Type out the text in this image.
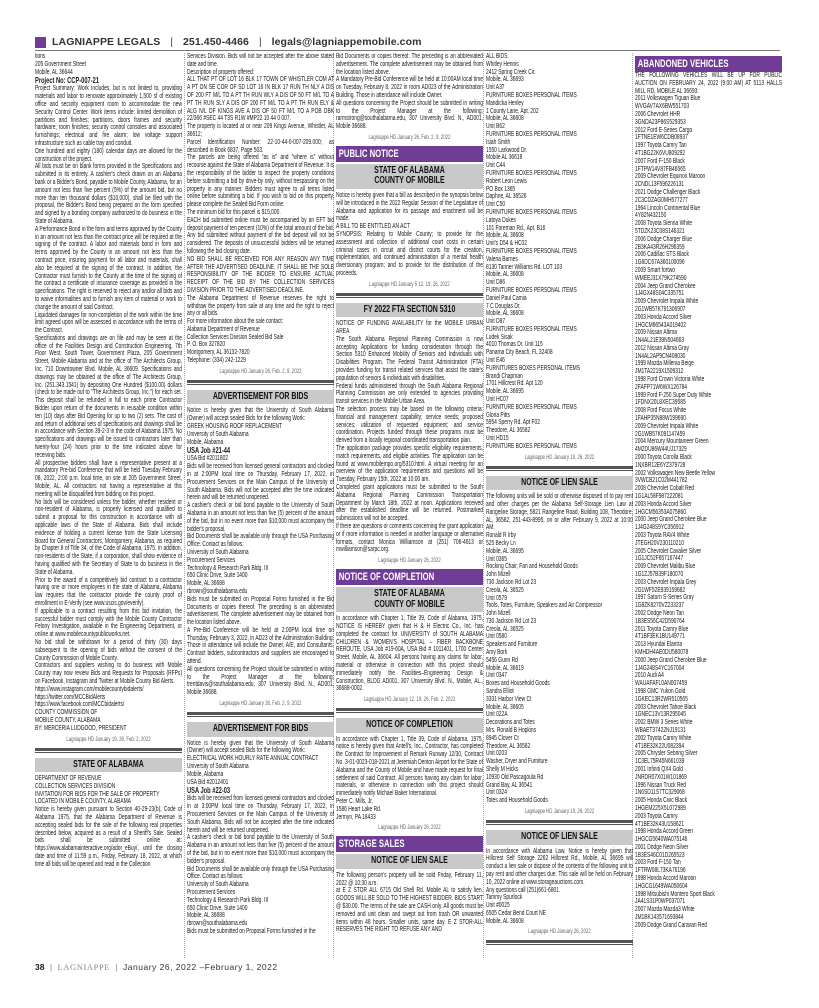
LAGNIAPPE LEGALS | 251.450-4466 | legals@lagniappemobile.com
tions
205 Government Street
Mobile, AL 36644
Project No: CCP-007-21

Project Summary: Work includes, but is not limited to, providing materials and labor to renovate approximately 1,500 sf of existing office and security equipment room to accommodate the new Security Control Center. Work items include: limited demolition of partitions and finishes; partitions, doors frames and security hardware; room finishes; security control consoles and associated furnishings; electrical and fire alarm; low voltage support infrastructure such as cable tray and conduit.

One hundred and eighty (180) calendar days are allowed for the construction of the project.

All bids must be on blank forms provided in the Specifications and submitted in its entirety. A cashier's check drawn on an Alabama bank or a Bidder's Bond, payable to Mobile County, Alabama, for an amount not less than five percent (5%) of the amount bid, but no more than ten thousand dollars ($10,000), shall be filed with the proposal, the Bidder's Bond being prepared on the form specified and signed by a bonding company authorized to do business in the State of Alabama.

A Performance Bond in the form and terms approved by the County in an amount not less than the contract price will be required at the signing of the contract. A labor and materials bond in form and terms approved by the County in an amount not less than the contract price, insuring payment for all labor and materials, shall also be required at the signing of the contract. In addition, the Contractor must furnish to the County at the time of the signing of the contract a certificate of insurance coverage as provided in the specifications. The right is reserved to reject any and/or all bids and to waive informalities and to furnish any item of material or work to change the amount of said Contract.

Liquidated damages for non-completion of the work within the time limit agreed upon will be assessed in accordance with the terms of the Contract.

Specifications and drawings are on file and may be seen at the office of the Facilities Design and Construction Engineering, 7th Floor West, South Tower, Government Plaza, 205 Government Street, Mobile Alabama and at the office of The Architects Group, Inc. 710 Downtowner Blvd. Mobile, AL 36609. Specifications and drawings may be obtained at the office of The Architects Group, Inc. (251.343.1541) by depositing One Hundred ($100.00) dollars (check to be made out to "The Architects Group, Inc.") for each set. This deposit shall be refunded in full to each prime Contractor Bidder upon return of the documents in reusable condition within ten (10) days after Bid Opening for up to two (2) sets. The cost of and return of additional sets of specifications and drawings shall be in accordance with Section 39-2-3 in the code of Alabama 1975. No specifications and drawings will be issued to contractors later than twenty-four (24) hours prior to the time indicated above for receiving bids.

All prospective bidders shall have a representative present at a mandatory Pre-bid Conference that will be held Tuesday February 08, 2022, 2:00 p.m. local time, on site at 205 Government Street, Mobile, AL. All contractors not having a representative at this meeting will be disqualified from bidding on this project.

No bids will be considered unless the bidder, whether resident or non-resident of Alabama, is properly licensed and qualified to submit a proposal for this construction in accordance with all applicable laws of the State of Alabama. Bids shall include evidence of holding a current license from the State Licensing Board for General Contractors, Montgomery, Alabama, as required by Chapter 8 of Title 34, of the Code of Alabama, 1975. In addition, non-residents of the State, if a corporation, shall show evidence of having qualified with the Secretary of State to do business in the State of Alabama.

Prior to the award of a competitively bid contract to a contractor having one or more employees in the state of Alabama, Alabama law requires that the contractor provide the county proof of enrollment in E-Verify (see www.uscis.gov/everify).

If applicable to a contract resulting from this bid invitation, the successful bidder must comply with the Mobile County Contractor Felony Investigation, available in the Engineering Department, or online at www.mobilecountypublicworks.net.

No bid shall be withdrawn for a period of thirty (30) days subsequent to the opening of bids without the consent of the County Commission of Mobile County.

Contractors and suppliers wishing to do business with Mobile County may now review Bids and Requests for Proposals (RFPs) on Facebook, Instagram and Twitter at Mobile County Bid Alerts.

https://www.instagram.com/mobilecountybidalerts/
https://twitter.com/MCCBidAlerts
https://www.facebook.com/MCCbidalerts/
COUNTY COMMISSION OF
MOBILE COUNTY, ALABAMA
BY: MERCERIA LUDGOOD, PRESIDENT
Lagniappe HD January 19, 26, Feb. 2, 2022
STATE OF ALABAMA
DEPARTMENT OF REVENUE
COLLECTION SERVICES DIVISION
INVITATION FOR BIDS FOR THE SALE OF PROPERTY
LOCATED IN MOBILE COUNTY, ALABAMA

Notice is hereby given pursuant to Section 40-29-23(b), Code of Alabama 1975, that the Alabama Department of Revenue is accepting sealed bids for the sale of the following real properties described below, acquired as a result of a Sheriff's Sale. Sealed bids shall be submitted online at: https://www.alabamainteractive.org/ador_eBuy/, until the closing date and time of 11:59 p.m., Friday, February 18, 2022, at which time all bids will be opened and read in the Collection

Services Division. Bids will not be accepted after the above stated date and time.

Description of property offered:

ALL THAT PT OF LOT 16 BLK 17 TOWN OF WHISTLER COM AT A PT ON SE COR OF SD LOT 16 IN BLK 17 RUN TH NLY A DIS OF 200 FT M/L TO A PT TH RUN WLY A DIS OF 50 FT M/L TO A PT TH RUN SLY A DIS OF 200 FT M/L TO A PT TH RUN ELY & ALG N/L OF KINGS AVE A DIS OF 50 FT M/L TO A POB DBK 22/366 #SEC 44 T3S R1W #MP22 10 44 0 007.

The property is located at or near 209 Kings Avenue, Whistler, AL 36612;

Parcel Identification Number: 22-10-44-0-007-209.000; as described in Book 6837, Page 503.

The parcels are being offered “as is” and “where is” without recourse against the State of Alabama Department of Revenue. It is the responsibility of the bidder to inspect the property conditions before submitting a bid by drive-by only, without trespassing on the property in any manner. Bidders must agree to all terms listed online before submitting a bid. If you wish to bid on this property, please complete the Sealed Bid Form online.

The minimum bid for this parcel is $15,000.

EACH bid submitted online must be accompanied by an EFT bid deposit payment of ten percent (10%) of the total amount of the bid. Any bid submitted without payment of the bid deposit will not be considered. The deposits of unsuccessful bidders will be returned following the bid closing date.

NO BID SHALL BE RECEIVED FOR ANY REASON ANY TIME AFTER THE ADVERTISED DEADLINE. IT SHALL BE THE SOLE RESPONSIBILITY OF THE BIDDER TO ENSURE ACTUAL RECEIPT OF THE BID BY THE COLLECTION SERVICES DIVISION PRIOR TO THE ADVERTISED DEADLINE.

The Alabama Department of Revenue reserves the right to withdraw the property from sale at any time and the right to reject any or all bids.

For more information about the sale contact:
Alabama Department of Revenue
Collection Services Division Sealed Bid Sale
P. O. Box 327820
Montgomery, AL 36132-7820
Telephone: (334) 242-1229
Lagniappe HD January 26, Feb. 2, 9, 2022
ADVERTISEMENT FOR BIDS

Notice is hereby given that the University of South Alabama (Owner) will accept sealed Bids for the following Work:

GREEK HOUSING ROOF REPLACEMENT
University of South Alabama
Mobile, Alabama
USA Job #21-44
USA Bid #2011802

Bids will be received from licensed general contractors and clocked in at 2:00PM local time on Thursday, February 17, 2022, in Procurement Services on the Main Campus of the University of South Alabama. Bids will not be accepted after the time indicated herein and will be returned unopened.

A cashier's check or bid bond payable to the University of South Alabama in an amount not less than five (5) percent of the amount of the bid, but in no event more than $10,000 must accompany the bidder's proposal.

Bid Documents shall be available only through the USA Purchasing Office. Contact as follows:

University of South Alabama
Procurement Services
Technology & Research Park Bldg. III
650 Clinic Drive, Suite 1400
Mobile, AL 36688
rbrown@southalabama.edu

Bids must be submitted on Proposal Forms furnished in the Bid Documents or copies thereof. The preceding is an abbreviated advertisement. The complete advertisement may be obtained from the location listed above.

A Pre-Bid Conference will be held at 2:00PM local time on Thursday, February 3, 2022, in AD23 of the Administration Building. Those in attendance will include the Owner, A/E, and Consultants. Contract bidders, subcontractors and suppliers are encouraged to attend.

All questions concerning the Project should be submitted in writing to the Project Manager at the following: trentdavis@southalabama.edu, 307 University Blvd. N., AD001, Mobile 36688.

Lagniappe HD January 26, Feb. 2, 9, 2022
ADVERTISEMENT FOR BIDS

Notice is hereby given that the University of South Alabama (Owner) will accept sealed Bids for the following Work:

ELECTRICAL WORK HOURLY RATE ANNUAL CONTRACT
University of South Alabama
Mobile, Alabama
USA Bid #2012401
USA Job #22-03

Bids will be received from licensed general contractors and clocked in at 3:00PM local time on Thursday, February 17, 2022, in Procurement Services on the Main Campus of the University of South Alabama. Bids will not be accepted after the time indicated herein and will be returned unopened.

A cashier's check or bid bond payable to the University of South Alabama in an amount not less than five (5) percent of the amount of the bid, but in no event more than $10,000 must accompany the bidder's proposal.

Bid Documents shall be available only through the USA Purchasing Office. Contact as follows:

University of South Alabama
Procurement Services
Technology & Research Park Bldg. III
650 Clinic Drive, Suite 1400
Mobile, AL 36688
rbrown@southalabama.edu

Bids must be submitted on Proposal Forms furnished in the

Bid Documents or copies thereof. The preceding is an abbreviated advertisement. The complete advertisement may be obtained from the location listed above.

A Mandatory Pre-Bid Conference will be held at 10:00AM local time on Tuesday, February 8, 2022 in room AD023 of the Administration Building. Those in attendance will include Owner.

All questions concerning the Project should be submitted in writing to the Project Manager at the following: rarmstrong@southalabama.edu, 307 University Blvd. N., AD001, Mobile 36688.

Lagniappe HD January 26, Feb. 2, 9, 2022
PUBLIC NOTICE
STATE OF ALABAMA
COUNTY OF MOBILE

Notice is hereby given that a bill as described in the synopsis below will be introduced in the 2022 Regular Session of the Legislature of Alabama and application for its passage and enactment will be made:

A BILL TO BE ENTITLED AN ACT

SYNOPSIS: Relating to Mobile County; to provide for the assessment and collection of additional court costs in certain criminal cases in circuit and district courts for the creation, implementation, and continued administration of a mental health diversionary program; and to provide for the distribution of the proceeds.

Lagniappe HD January 5 12, 19, 26, 2022
FY 2022 FTA SECTION 5310

NOTICE OF FUNDING AVAILABILITY for the MOBILE URBAN AREA

The South Alabama Regional Planning Commission is now accepting Applications for funding consideration through the Section 5310 Enhanced Mobility of Seniors and Individuals with Disabilities Program. The Federal Transit Administration (FTA) provides funding for transit related services that assist the state's population of seniors & individuals with disabilities.

Federal funds administered through the South Alabama Regional Planning Commission are only extended to agencies providing transit services in the Mobile Urban Area.

The selection process may be based on the following criteria: financial and management capability; service needs; proposed services; utilization of requested equipment; and service coordination. Projects funded through these programs must be derived from a locally regional coordinated transportation plan.

The application package provides specific eligibility requirements, match requirements, and eligible activities. The application can be found at www.mobilempo.org/5310.html. A virtual meeting for an overview of the application requirements and questions will be Tuesday, February 15th, 2022 at 10:00 am.

Completed grant applications must be submitted to the South Alabama Regional Planning Commission Transportation Department by March 18th, 2022 at noon. Applications received after the established deadline will be returned. Postmarked submissions will not be accepted.

If there are questions or comments concerning the grant application or if more information is needed in another language or alternative formats, contact Monica Williamson at (251) 706-4613 or mwilliamson@sarpc.org.

Lagniappe HD January 26, 2022
NOTICE OF COMPLETION
STATE OF ALABAMA
COUNTY OF MOBILE

In accordance with Chapter 1, Title 39, Code of Alabama, 1975, NOTICE IS HEREBY given that H & H Electric Co., Inc. has completed the contract for UNIVERSITY of SOUTH ALABAMA CHILDREN & WOMEN'S HOSPITAL – FIBER BACKBONE REROUTE, USA Job #19-60A, USA Bid # 1011401, 1700 Center Street, Mobile, AL 36604. All persons having any claims for labor, material or otherwise in connection with this project should immediately notify the Facilities–Engineering Design & Construction, BLDG AD001, 307 University Blvd. N., Mobile, AL., 36688-0002.

Lagniappe HD January 12, 19, 26, Feb. 2, 2022
NOTICE OF COMPLETION

In accordance with Chapter 1, Title 39, Code of Alabama, 1975, notice is hereby given that Antell's, Inc., Contractor, has completed the Contract for Improvement of Remark Runway 12/30, Contract No. 3-01-0023-018-2021 at Jeremiah Denton Airport for the State of Alabama and the County of Mobile and have made request for final settlement of said Contract. All persons having any claim for labor, materials, or otherwise in connection with this project should immediately notify Michael Baker International.

Peter C. Mills, Jr.
1586 Heart Lake Rd.
Jermyn, PA 18433
Lagniappe HD January 26, 2022
STORAGE SALES
NOTICE OF LIEN SALE

The following person's property will be sold Friday, February 11, 2022 @ 10:30 a.m.

at E Z STOR ALL 6715 Old Shell Rd. Mobile AL to satisfy lien. GOODS WILL BE SOLD TO THE HIGHEST BIDDER. BIDS START @ $30.00. The terms of the sale are CASH only. All goods must be removed and unit clean and swept out from trash OR unwanted items within 48 hours. Smaller units, same day. E Z STOR-ALL RESERVES THE RIGHT TO REFUSE ANY AND

ALL BIDS.
Whitley Hennis
2412 Spring Creek Cir.
Mobile, AL 36693
Unit A37
FURNITURE BOXES PERSONAL ITEMS
Mandicka Henley
1 County Lane, Apt. 202
Mobile, AL 36608
Unit B62
FURNITURE BOXES PERSONAL ITEMS
Isiah Smith
1550 Larkwood Dr.
Mobile AL 36618
Unit C44
FURNITURE BOXES PERSONAL ITEMS
Robert Leon Lewis
PO Box 1365
Daphne, AL 36526
Unit C50
FURNITURE BOXES PERSONAL ITEMS
Latoya Dukes
101 Foreman Rd., Apt. B16
Mobile, AL 36608
Unit's D54 & HC02
FURNITURE BOXES PERSONAL ITEMS
Valeria Barnes
8130 Tanner Williams Rd. LOT 103
Mobile, AL 36608
Unit D86
FURNITURE BOXES PERSONAL ITEMS
Daniel Paul Camia
7 C Douglas Dr.
Mobile, AL 36608
Unit D87
FURNITURE BOXES PERSONAL ITEMS
Ludek Sisak
4010 Thomas Dr. Unit 115
Panama City Beach, FL 32408
Unit E46
FURNITURES BOXES PERSONAL ITEMS
Brandi Chapman
1701 Hillcrest Rd. Apt 120
Mobile, AL 36695
Unit HC07
FURNITURE BOXES PERSONAL ITEMS
Gloria Pitts
5954 Sperry Rd. Apt F02
Theodore, AL 36582
Unit HD15
FURNITURE BOXES PERSONAL ITEMS
Lagniappe HD January 19, 26, 2022
NOTICE OF LIEN SALE

The following units will be sold or otherwise disposed of to pay rent and other charges per the Alabama Self-Storage Lien Law at Rangeline Storage, 5821 Rangeline Road, Building 108, Theodore, AL, 36582, 251-443-8995, on or after February 9, 2022 at 10:00 AM.

Ronald R Irby
525 Becky Ln
Mobile, AL 36695
Unit 0365
Rocking Chair, Fan and Household Goods
John Mizell
730 Jackson Rd Lot 23
Creola, AL 36525
Unit 0579
Tools, Totes, Furniture, Speakers and Air Compressor
John Mizell
730 Jackson Rd Lot 23
Creola, AL 36525
Unit 0580
Speakers and Furniture
Amy Bork
5456 Gunn Rd
Mobile, AL 36619
Unit 0347
Boxes and Household Goods
Sandra Elliot
3331 Harbor View Ct
Mobile, AL 36605
Unit 022A
Decorations and Totes
Mrs. Ronald B Hopkins
8945 Clover Ct
Theodore, AL 36582
Unit 0203
Washer, Dryer and Furniture
Shelly M Hicks
10930 Old Pascagoula Rd
Grand Bay, AL 36541
Unit 0324
Totes and Household Goods
Lagniappe HD January 19, 26, 2022
NOTICE OF LIEN SALE

In accordance with Alabama Law, Notice is hereby given that Hillcrest Self Storage 2262 Hillcrest Rd., Mobile, AL 36695 will conduct a lien sale or dispose of the contents of the following unit to pay rent and other charges due. This sale will be held on February 10, 2022 online at www.storageauctions.com.

Any questions call (251)661-6801.
Tammy Spurlock
Unit #0025
6505 Cedar Bend Court NE
Mobile, AL 36608
Lagniappe HD January 26, 2022
ABANDONED VEHICLES

THE FOLLOWING VEHICLES WILL BE UP FOR PUBLIC AUCTION ON FEBRUARY 24, 2022 (9:00 AM) AT 5113 HALLS MILL RD, MOBILE AL 36693:

2011 Volkswagen Tiguan Blue
WVGAV7AX6BW551703
2006 Chevrolet HHR
3GNDA23P86S529353
2012 Ford E-Series Cargo
1FTNE1EW6CDB08937
1997 Toyota Camry Tan
4T1BG22K6VU809292
2007 Ford F-150 Black
1FTPW14V87FB46565
2009 Chevrolet Equinox Maroon
2CNDL13F596226131
2021 Dodge Challenger Black
2C3CDZAG0MH577277
1964 Lincoln Continental Blue
4Y82N432150
2008 Toyota Sienna White
5TDZK23C08S146321
2006 Dodge Charger Blue
2B3KA43R26H296359
2006 Cadillac STS Black
1G6DC67A360100096
2009 Smart fortwo
WMEEJ31X79K274590
2004 Jeep Grand Cherokee
1J4GX48S04C335751
2009 Chevrolet Impala White
2G1WB57K791306907
2003 Honda Accord Silver
1HGCM66543A019402
2009 Nissan Altima
1N4AL21E39N504663
2012 Nissan Altima Gray
1N4AL2AP9CN408030
1999 Mazda Millenia Beige
JM1TA2219X1509312
1998 Ford Crown Victoria White
2FAFP71W6WX126784
1999 Ford F-250 Super Duty White
1FDNX20L8XEC39585
2008 Ford Focus White
1FAHP35N88W199690
2009 Chevrolet Impala White
2G1WB57K091147459
2004 Mercury Mountaineer Green
4M2DU86W44UJ17329
2000 Toyota Corolla Black
1NXBR12E6YZ379728
2002 Volkswagen New Beetle Yellow
3VWCB21C02M441782
2008 Chevrolet Cobalt Red
1G1AL58F987222081
2003 Honda Accord Silver
1HGCM56353A075860
2000 Jeep Grand Cherokee Blue
1J4G248S9YC356912
2003 Toyota RAV4 White
JTEGH20V230110210
2005 Chevrolet Cavalier Silver
1G1JC52F657167447
2009 Chevrolet Malibu Blue
1G1ZJ57B39F180070
2003 Chevrolet Impala Grey
2G1WF52E939159682
1997 Saturn S-Series Gray
1G8ZK8270VZ233237
2002 Dodge Neon Tan
1B3ES56C42D590764
2011 Toyota Camry Blue
4T1BF3EK1BU149771
2013 Hyundai Elantra
KMHDH4AE0DU580078
2000 Jeep Grand Cherokee Blue
1J4G248S4YC167004
2010 Audi A4
WAUAFAFL0AN007459
1998 GMC Yukon Gold
1GKEC13R2WR510565
2003 Chevrolet Tahoe Black
1GNEC13V13R295045
2002 BMW 3 Series White
WBAET37422NJ19131
2002 Toyota Camry White
4T1BE32K22U082394
2005 Chrysler Sebring Silver
1C3EL75R45N661039
2001 Infiniti QX4 Gold
JNRDR07X01W101869
1996 Nissan Truck Red
1N6SD11S7TC329068
2005 Honda Civic Black
1HGEM225X5L072989
2003 Toyota Camry
4T1BE32K43U158621
1998 Honda Accord Green
1HGCG5640WA075146
2001 Dodge Neon Silver
1B3ES46C01D265523
2003 Ford F-150 Tan
1FTRW08L73KA76196
1998 Honda Accord Maroon
1HGCG1649WA050604
1998 Mitsubishi Montero Sport Black
JA4LS31P0WP037071
2007 Mazda Mazda3 White
JM1BK143571693844
2009 Dodge Grand Caravan Red
38 | LAGNIAPPE | January 26, 2022 –February 1, 2022
